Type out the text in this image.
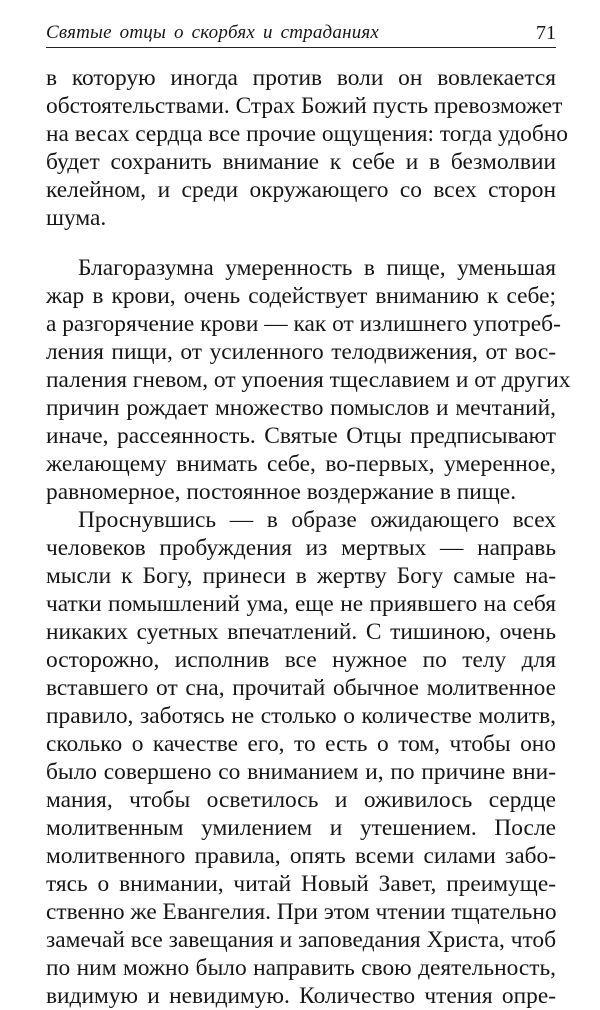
Святые отцы о скорбях и страданиях	71

в которую иногда против воли он вовлекается
обстоятельствами. Страх Божий пусть превозможет
на весах сердца все прочие ощущения: тогда удобно
будет сохранить внимание к себе и в безмолвии
келейном, и среди окружающего со всех сторон
шума.

Благоразумна умеренность в пище, уменьшая
жар в крови, очень содействует вниманию к себе;
а разгорячение крови — как от излишнего употреб-
ления пищи, от усиленного телодвижения, от вос-
паления гневом, от упоения тщеславием и от других
причин рождает множество помыслов и мечтаний,
иначе, рассеянность. Святые Отцы предписывают
желающему внимать себе, во-первых, умеренное,
равномерное, постоянное воздержание в пище.

Проснувшись — в образе ожидающего всех
человеков пробуждения из мертвых — направь
мысли к Богу, принеси в жертву Богу самые на-
чатки помышлений ума, еще не приявшего на себя
никаких суетных впечатлений. С тишиною, очень
осторожно, исполнив все нужное по телу для
вставшего от сна, прочитай обычное молитвенное
правило, заботясь не столько о количестве молитв,
сколько о качестве его, то есть о том, чтобы оно
было совершено со вниманием и, по причине вни-
мания, чтобы осветилось и оживилось сердце
молитвенным умилением и утешением. После
молитвенного правила, опять всеми силами забо-
тясь о внимании, читай Новый Завет, преимуще-
ственно же Евангелия. При этом чтении тщательно
замечай все завещания и заповедания Христа, чтоб
по ним можно было направить свою деятельность,
видимую и невидимую. Количество чтения опре-
